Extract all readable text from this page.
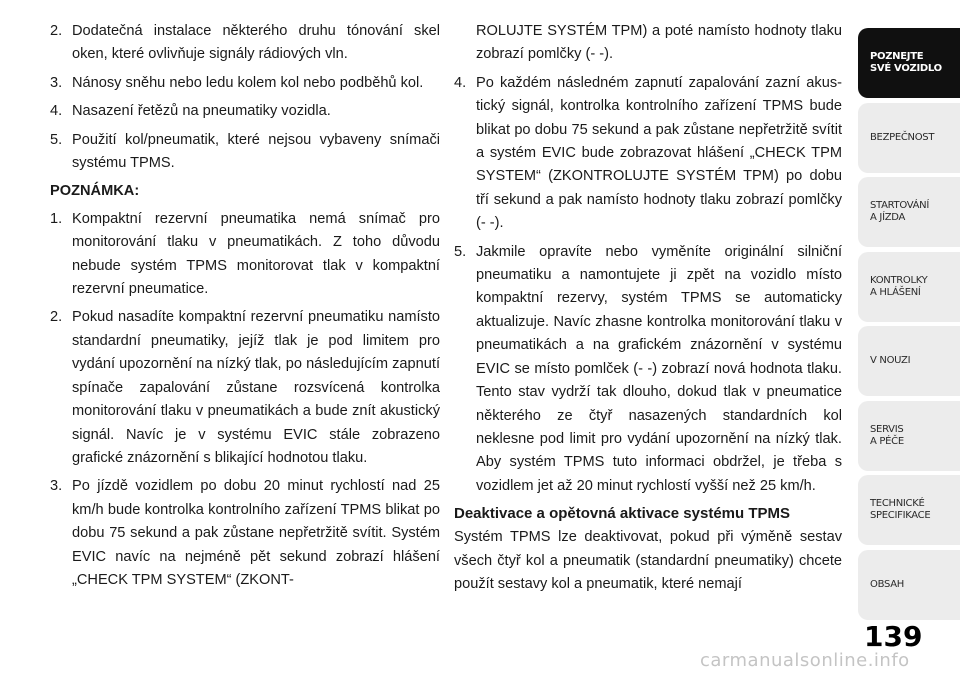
2. Dodatečná instalace některého druhu tónování skel oken, které ovlivňuje signály rádiových vln.
3. Nánosy sněhu nebo ledu kolem kol nebo podběhů kol.
4. Nasazení řetězů na pneumatiky vozidla.
5. Použití kol/pneumatik, které nejsou vybaveny snímači systému TPMS.
POZNÁMKA:
1. Kompaktní rezervní pneumatika nemá snímač pro monitorování tlaku v pneumatikách. Z toho důvodu nebude systém TPMS monitorovat tlak v kompaktní rezervní pneumatice.
2. Pokud nasadíte kompaktní rezervní pneumatiku namísto standardní pneumatiky, jejíž tlak je pod limitem pro vydání upozornění na nízký tlak, po následujícím zapnutí spínače zapalování zůstane rozsvícená kontrolka monitorování tlaku v pneumatikách a bude znít akustický signál. Navíc je v systému EVIC stále zobrazeno grafické znázornění s blikající hodnotou tlaku.
3. Po jízdě vozidlem po dobu 20 minut rychlostí nad 25 km/h bude kontrolka kontrolního zařízení TPMS blikat po dobu 75 sekund a pak zůstane nepřetržitě svítit. Systém EVIC navíc na nejméně pět sekund zobrazí hlášení „CHECK TPM SYSTEM“ (ZKONT-
ROLUJTE SYSTÉM TPM) a poté namísto hodnoty tlaku zobrazí pomlčky (- -).
4. Po každém následném zapnutí zapalování zazní akustický signál, kontrolka kontrolního zařízení TPMS bude blikat po dobu 75 sekund a pak zůstane nepřetržitě svítit a systém EVIC bude zobrazovat hlášení „CHECK TPM SYSTEM“ (ZKONTROLUJTE SYSTÉM TPM) po dobu tří sekund a pak namísto hodnoty tlaku zobrazí pomlčky (- -).
5. Jakmile opravíte nebo vyměníte originální silniční pneumatiku a namontujete ji zpět na vozidlo místo kompaktní rezervy, systém TPMS se automaticky aktualizuje. Navíc zhasne kontrolka monitorování tlaku v pneumatikách a na grafickém znázornění v systému EVIC se místo pomlček (- -) zobrazí nová hodnota tlaku. Tento stav vydrží tak dlouho, dokud tlak v pneumatice některého ze čtyř nasazených standardních kol neklesne pod limit pro vydání upozornění na nízký tlak. Aby systém TPMS tuto informaci obdržel, je třeba s vozidlem jet až 20 minut rychlostí vyšší než 25 km/h.
Deaktivace a opětovná aktivace systému TPMS
Systém TPMS lze deaktivovat, pokud při výměně sestav všech čtyř kol a pneumatik (standardní pneumatiky) chcete použít sestavy kol a pneumatik, které nemají
POZNEJTE
SVÉ VOZIDLO
BEZPEČNOST
STARTOVÁNÍ
A JÍZDA
KONTROLKY
A HLÁŠENÍ
V NOUZI
SERVIS
A PÉČE
TECHNICKÉ
SPECIFIKACE
OBSAH
139
carmanualsonline.info
